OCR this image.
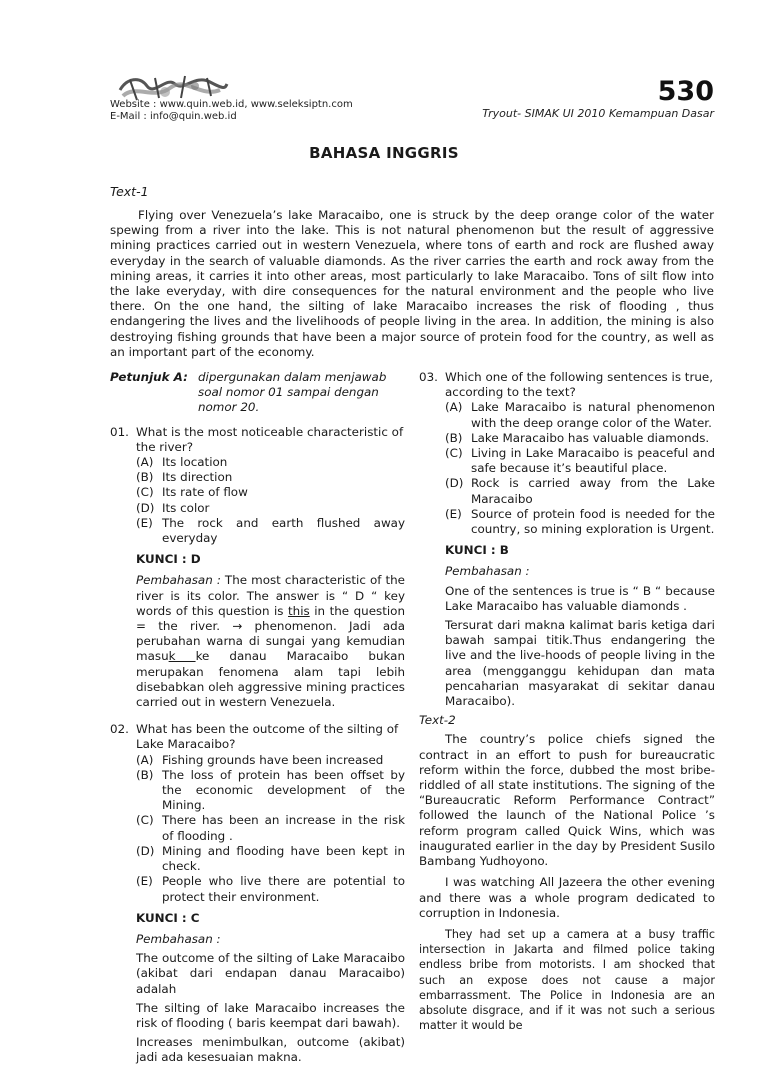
Website : www.quin.web.id, www.seleksiptn.com
E-Mail : info@quin.web.id
530
Tryout- SIMAK UI 2010 Kemampuan Dasar
BAHASA INGGRIS
Text-1

Flying over Venezuela’s lake Maracaibo, one is struck by the deep orange color of the water spewing from a river into the lake. This is not natural phenomenon but the result of aggressive mining practices carried out in western Venezuela, where tons of earth and rock are flushed away everyday in the search of valuable diamonds. As the river carries the earth and rock away from the mining areas, it carries it into other areas, most particularly to lake Maracaibo. Tons of silt flow into the lake everyday, with dire consequences for the natural environment and the people who live there. On the one hand, the silting of lake Maracaibo increases the risk of flooding , thus endangering the lives and the livelihoods of people living in the area. In addition, the mining is also destroying fishing grounds that have been a major source of protein food for the country, as well as an important part of the economy.

Petunjuk A: dipergunakan dalam menjawab soal nomor 01 sampai dengan nomor 20.
01. What is the most noticeable characteristic of the river?
(A) Its location
(B) Its direction
(C) Its rate of flow
(D) Its color
(E) The rock and earth flushed away everyday
KUNCI : D

Pembahasan : The most characteristic of the river is its color. The answer is “ D “ key words of this question is this in the question = the river. → phenomenon. Jadi ada perubahan warna di sungai yang kemudian masuk ke danau Maracaibo bukan merupakan fenomena alam tapi lebih disebabkan oleh aggressive mining practices carried out in western Venezuela.

02. What has been the outcome of the silting of Lake Maracaibo?
(A) Fishing grounds have been increased
(B) The loss of protein has been offset by the economic development of the Mining.
(C) There has been an increase in the risk of flooding .
(D) Mining and flooding have been kept in check.
(E) People who live there are potential to protect their environment.
KUNCI : C

Pembahasan :

The outcome of the silting of Lake Maracaibo (akibat dari endapan danau Maracaibo) adalah

The silting of lake Maracaibo increases the risk of flooding ( baris keempat dari bawah).

Increases menimbulkan, outcome (akibat) jadi ada kesesuaian makna.

03. Which one of the following sentences is true, according to the text?
(A) Lake Maracaibo is natural phenomenon with the deep orange color of the Water.
(B) Lake Maracaibo has valuable diamonds.
(C) Living in Lake Maracaibo is peaceful and safe because it’s beautiful place.
(D) Rock is carried away from the Lake Maracaibo
(E) Source of protein food is needed for the country, so mining exploration is Urgent.
KUNCI : B

Pembahasan :

One of the sentences is true is “ B “ because Lake Maracaibo has valuable diamonds .

Tersurat dari makna kalimat baris ketiga dari bawah sampai titik.Thus endangering the live and the live-hoods of people living in the area (mengganggu kehidupan dan mata pencaharian masyarakat di sekitar danau Maracaibo).

Text-2

The country’s police chiefs signed the contract in an effort to push for bureaucratic reform within the force, dubbed the most bribe-riddled of all state institutions. The signing of the “Bureaucratic Reform Performance Contract” followed the launch of the National Police ’s reform program called Quick Wins, which was inaugurated earlier in the day by President Susilo Bambang Yudhoyono.

I was watching All Jazeera the other evening and there was a whole program dedicated to corruption in Indonesia.

They had set up a camera at a busy traffic intersection in Jakarta and filmed police taking endless bribe from motorists. I am shocked that such an expose does not cause a major embarrassment. The Police in Indonesia are an absolute disgrace, and if it was not such a serious matter it would be
